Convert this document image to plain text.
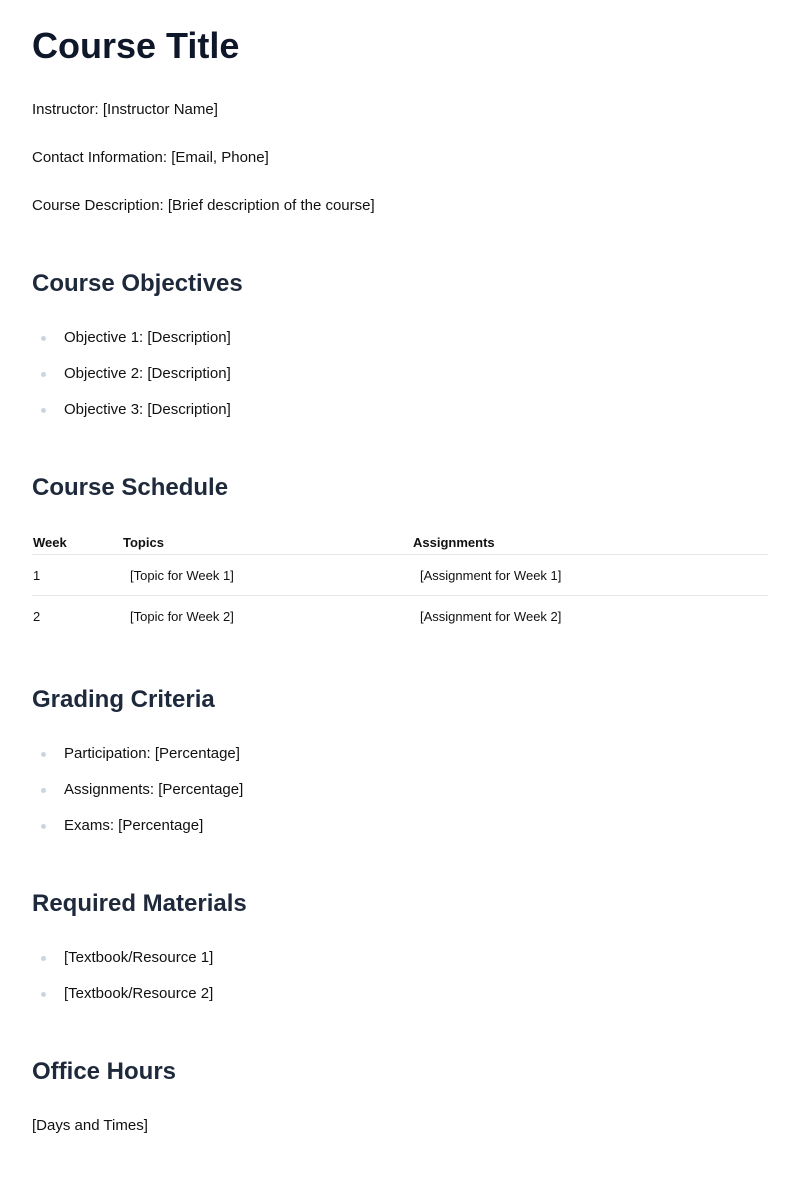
Course Title

Instructor: [Instructor Name]

Contact Information: [Email, Phone]

Course Description: [Brief description of the course]

Course Objectives
Objective 1: [Description]
Objective 2: [Description]
Objective 3: [Description]
Course Schedule
Week	Topics	Assignments
1	[Topic for Week 1]	[Assignment for Week 1]
2	[Topic for Week 2]	[Assignment for Week 2]
Grading Criteria
Participation: [Percentage]
Assignments: [Percentage]
Exams: [Percentage]
Required Materials
[Textbook/Resource 1]
[Textbook/Resource 2]
Office Hours

[Days and Times]
